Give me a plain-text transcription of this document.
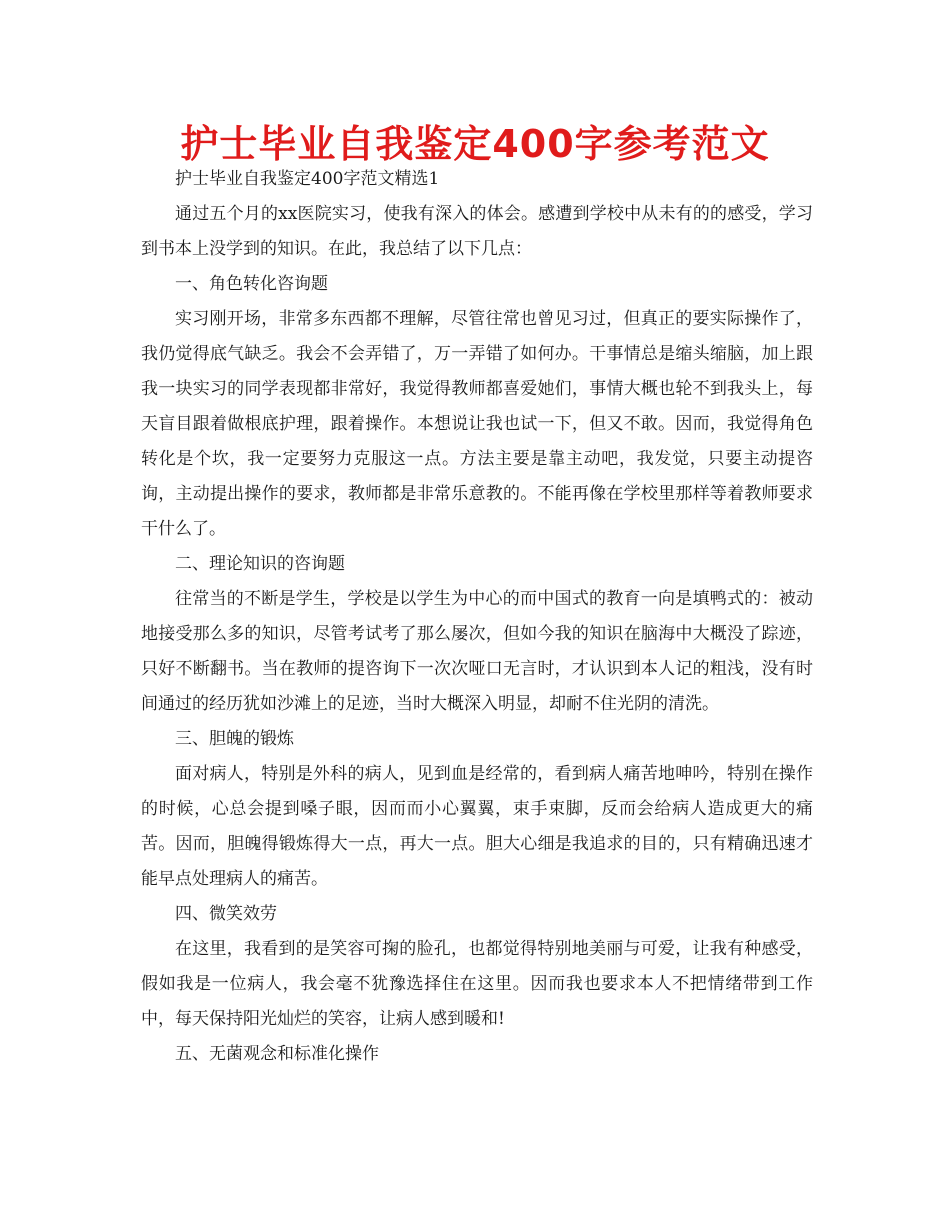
护士毕业自我鉴定400字参考范文

护士毕业自我鉴定400字范文精选1

通过五个月的xx医院实习，使我有深入的体会。感遭到学校中从未有的的感受，学习到书本上没学到的知识。在此，我总结了以下几点：

一、角色转化咨询题

实习刚开场，非常多东西都不理解，尽管往常也曾见习过，但真正的要实际操作了，我仍觉得底气缺乏。我会不会弄错了，万一弄错了如何办。干事情总是缩头缩脑，加上跟我一块实习的同学表现都非常好，我觉得教师都喜爱她们，事情大概也轮不到我头上，每天盲目跟着做根底护理，跟着操作。本想说让我也试一下，但又不敢。因而，我觉得角色转化是个坎，我一定要努力克服这一点。方法主要是靠主动吧，我发觉，只要主动提咨询，主动提出操作的要求，教师都是非常乐意教的。不能再像在学校里那样等着教师要求干什么了。

二、理论知识的咨询题

往常当的不断是学生，学校是以学生为中心的而中国式的教育一向是填鸭式的：被动地接受那么多的知识，尽管考试考了那么屡次，但如今我的知识在脑海中大概没了踪迹，只好不断翻书。当在教师的提咨询下一次次哑口无言时，才认识到本人记的粗浅，没有时间通过的经历犹如沙滩上的足迹，当时大概深入明显，却耐不住光阴的清洗。

三、胆魄的锻炼

面对病人，特别是外科的病人，见到血是经常的，看到病人痛苦地呻吟，特别在操作的时候，心总会提到嗓子眼，因而而小心翼翼，束手束脚，反而会给病人造成更大的痛苦。因而，胆魄得锻炼得大一点，再大一点。胆大心细是我追求的目的，只有精确迅速才能早点处理病人的痛苦。

四、微笑效劳

在这里，我看到的是笑容可掬的脸孔，也都觉得特别地美丽与可爱，让我有种感受，假如我是一位病人，我会毫不犹豫选择住在这里。因而我也要求本人不把情绪带到工作中，每天保持阳光灿烂的笑容，让病人感到暖和!

五、无菌观念和标准化操作
